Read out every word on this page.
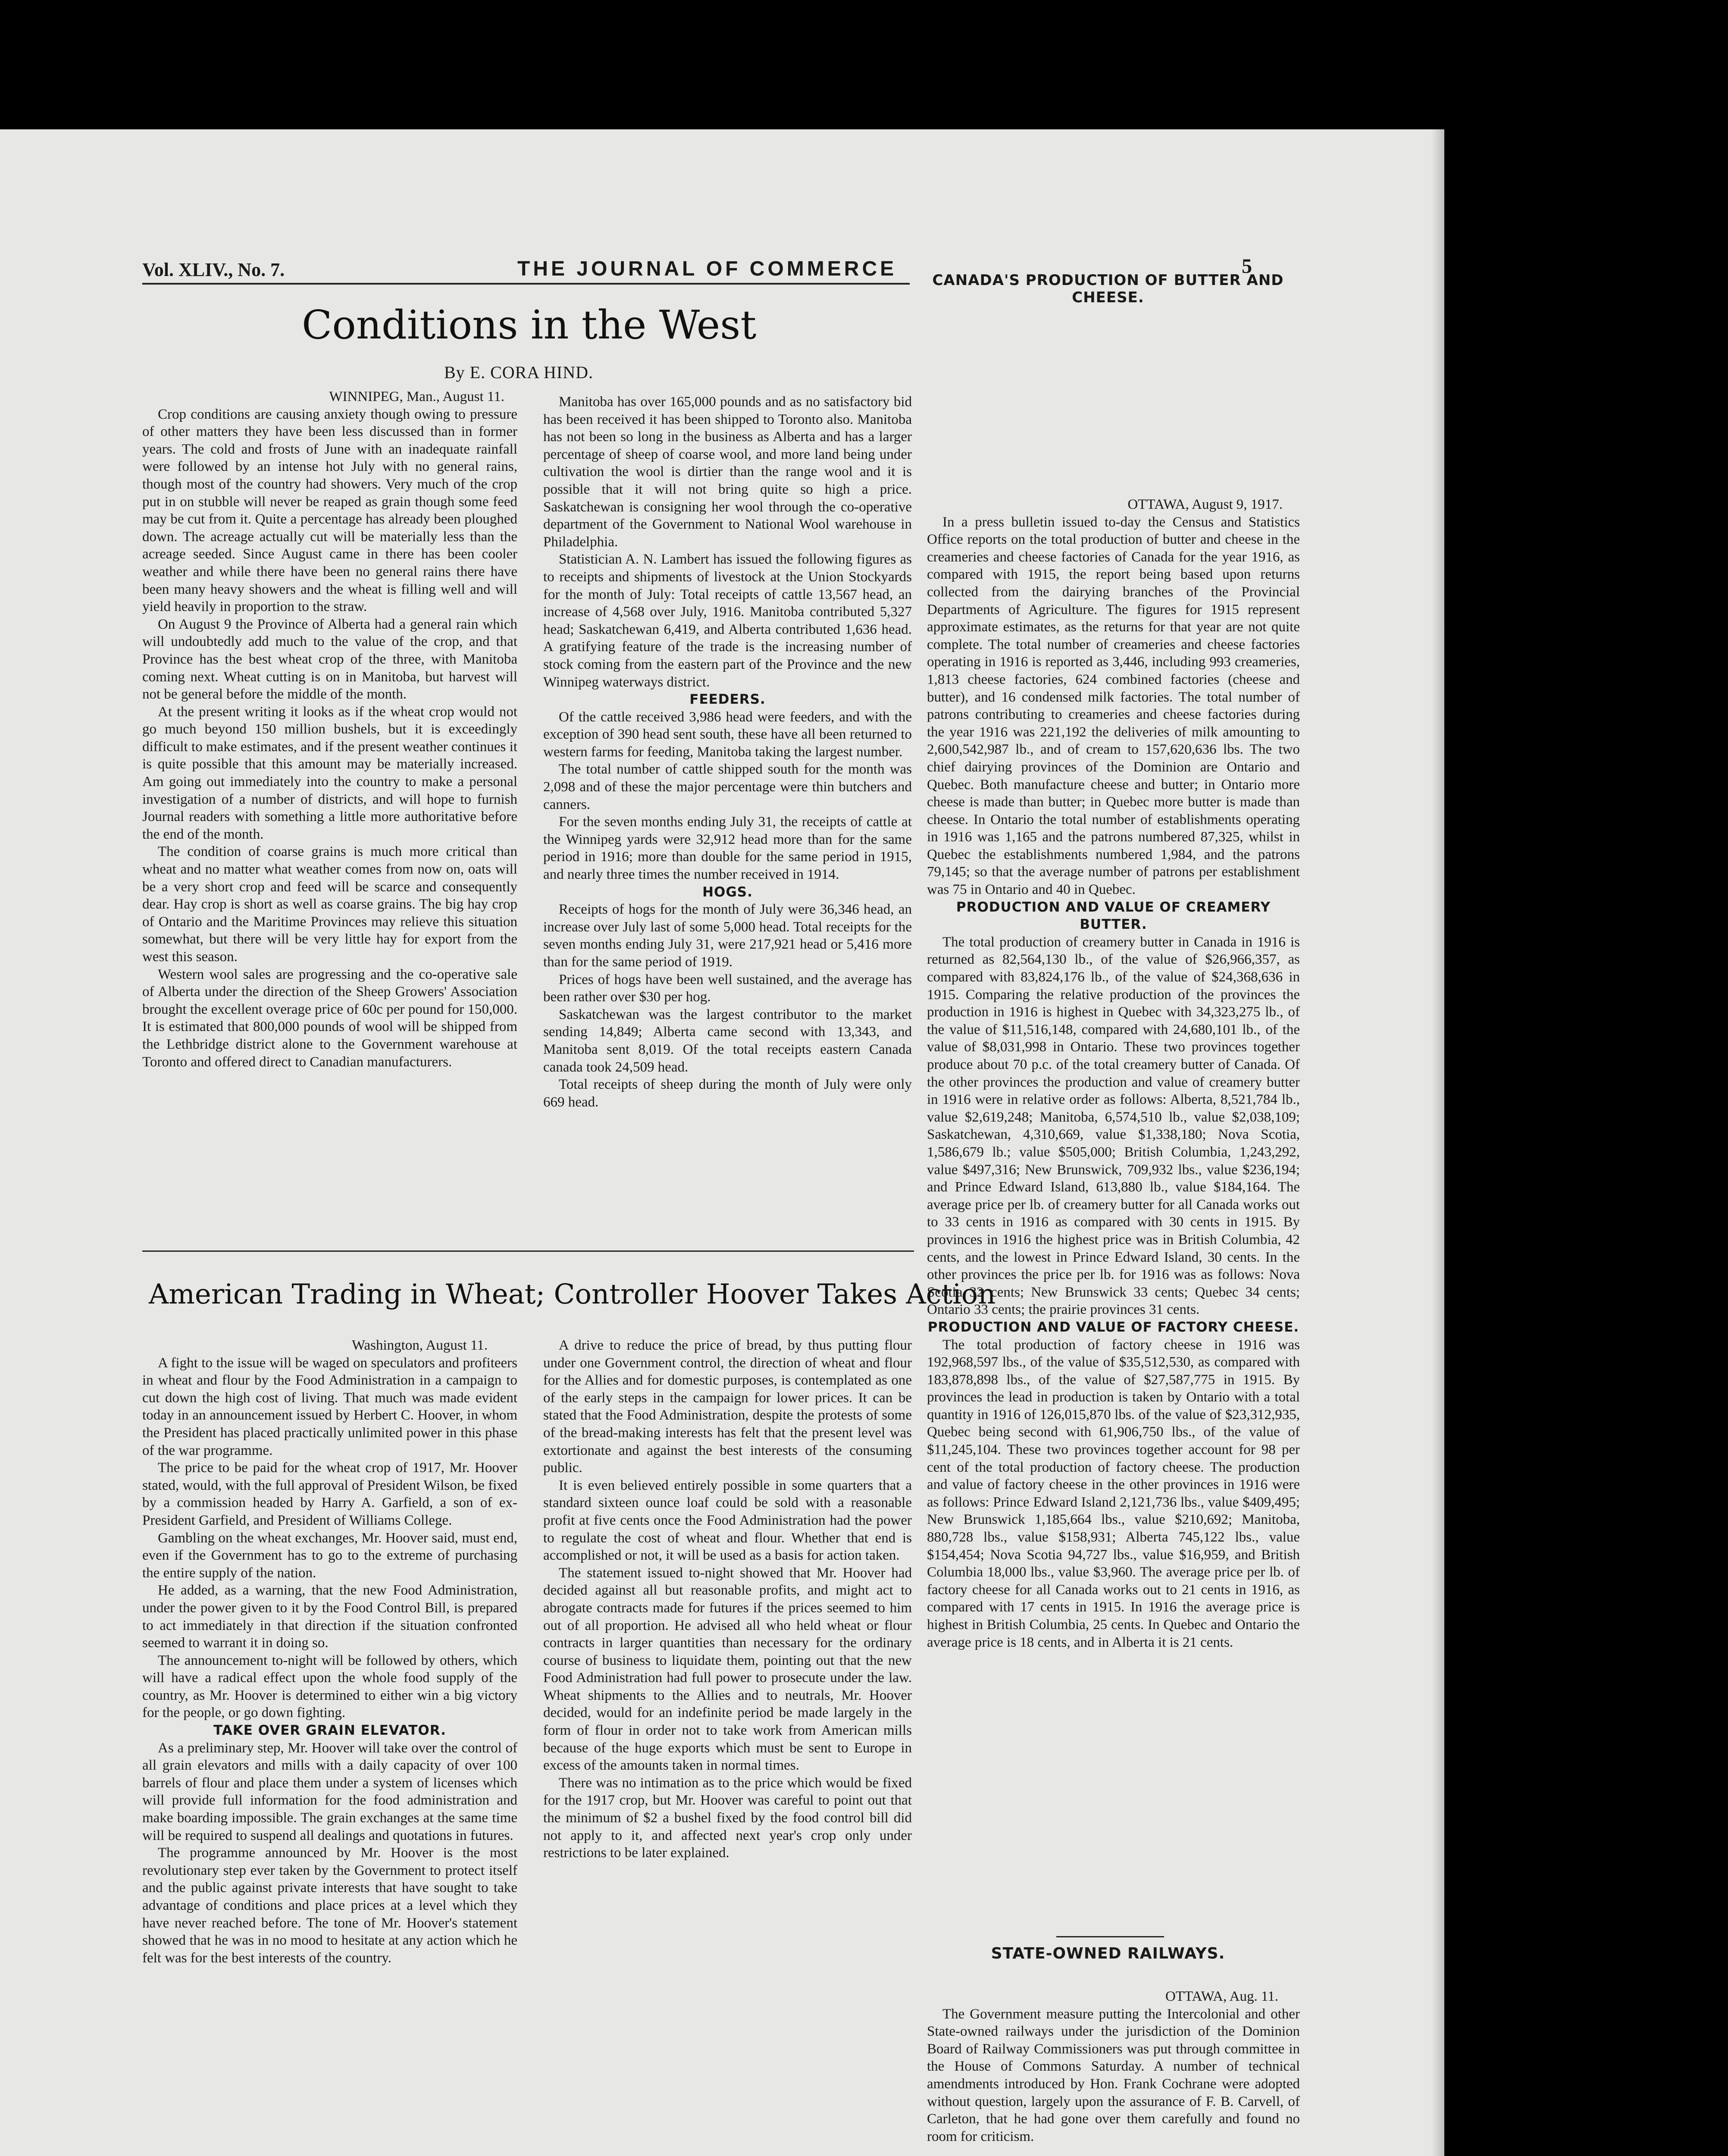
Vol. XLIV., No. 7.	THE JOURNAL OF COMMERCE	5
Conditions in the West
By E. CORA HIND.

WINNIPEG, Man., August 11.

Crop conditions are causing anxiety though owing to pressure of other matters they have been less discussed than in former years. The cold and frosts of June with an inadequate rainfall were followed by an intense hot July with no general rains, though most of the country had showers. Very much of the crop put in on stubble will never be reaped as grain though some feed may be cut from it. Quite a percentage has already been ploughed down. The acreage actually cut will be materially less than the acreage seeded. Since August came in there has been cooler weather and while there have been no general rains there have been many heavy showers and the wheat is filling well and will yield heavily in proportion to the straw.

On August 9 the Province of Alberta had a general rain which will undoubtedly add much to the value of the crop, and that Province has the best wheat crop of the three, with Manitoba coming next. Wheat cutting is on in Manitoba, but harvest will not be general before the middle of the month.

At the present writing it looks as if the wheat crop would not go much beyond 150 million bushels, but it is exceedingly difficult to make estimates, and if the present weather continues it is quite possible that this amount may be materially increased. Am going out immediately into the country to make a personal investigation of a number of districts, and will hope to furnish Journal readers with something a little more authoritative before the end of the month.

The condition of coarse grains is much more critical than wheat and no matter what weather comes from now on, oats will be a very short crop and feed will be scarce and consequently dear. Hay crop is short as well as coarse grains. The big hay crop of Ontario and the Maritime Provinces may relieve this situation somewhat, but there will be very little hay for export from the west this season.

Western wool sales are progressing and the co-operative sale of Alberta under the direction of the Sheep Growers' Association brought the excellent overage price of 60c per pound for 150,000. It is estimated that 800,000 pounds of wool will be shipped from the Lethbridge district alone to the Government warehouse at Toronto and offered direct to Canadian manufacturers.

Manitoba has over 165,000 pounds and as no satisfactory bid has been received it has been shipped to Toronto also. Manitoba has not been so long in the business as Alberta and has a larger percentage of sheep of coarse wool, and more land being under cultivation the wool is dirtier than the range wool and it is possible that it will not bring quite so high a price. Saskatchewan is consigning her wool through the co-operative department of the Government to National Wool warehouse in Philadelphia.

Statistician A. N. Lambert has issued the following figures as to receipts and shipments of livestock at the Union Stockyards for the month of July: Total receipts of cattle 13,567 head, an increase of 4,568 over July, 1916. Manitoba contributed 5,327 head; Saskatchewan 6,419, and Alberta contributed 1,636 head. A gratifying feature of the trade is the increasing number of stock coming from the eastern part of the Province and the new Winnipeg waterways district.

FEEDERS.

Of the cattle received 3,986 head were feeders, and with the exception of 390 head sent south, these have all been returned to western farms for feeding, Manitoba taking the largest number.

The total number of cattle shipped south for the month was 2,098 and of these the major percentage were thin butchers and canners.

For the seven months ending July 31, the receipts of cattle at the Winnipeg yards were 32,912 head more than for the same period in 1916; more than double for the same period in 1915, and nearly three times the number received in 1914.

HOGS.

Receipts of hogs for the month of July were 36,346 head, an increase over July last of some 5,000 head. Total receipts for the seven months ending July 31, were 217,921 head or 5,416 more than for the same period of 1919.

Prices of hogs have been well sustained, and the average has been rather over $30 per hog.

Saskatchewan was the largest contributor to the market sending 14,849; Alberta came second with 13,343, and Manitoba sent 8,019. Of the total receipts eastern Canada canada took 24,509 head.

Total receipts of sheep during the month of July were only 669 head.

American Trading in Wheat; Controller Hoover Takes Action

Washington, August 11.

A fight to the issue will be waged on speculators and profiteers in wheat and flour by the Food Administration in a campaign to cut down the high cost of living. That much was made evident today in an announcement issued by Herbert C. Hoover, in whom the President has placed practically unlimited power in this phase of the war programme.

The price to be paid for the wheat crop of 1917, Mr. Hoover stated, would, with the full approval of President Wilson, be fixed by a commission headed by Harry A. Garfield, a son of ex-President Garfield, and President of Williams College.

Gambling on the wheat exchanges, Mr. Hoover said, must end, even if the Government has to go to the extreme of purchasing the entire supply of the nation.

He added, as a warning, that the new Food Administration, under the power given to it by the Food Control Bill, is prepared to act immediately in that direction if the situation confronted seemed to warrant it in doing so.

The announcement to-night will be followed by others, which will have a radical effect upon the whole food supply of the country, as Mr. Hoover is determined to either win a big victory for the people, or go down fighting.

TAKE OVER GRAIN ELEVATOR.

As a preliminary step, Mr. Hoover will take over the control of all grain elevators and mills with a daily capacity of over 100 barrels of flour and place them under a system of licenses which will provide full information for the food administration and make boarding impossible. The grain exchanges at the same time will be required to suspend all dealings and quotations in futures.

The programme announced by Mr. Hoover is the most revolutionary step ever taken by the Government to protect itself and the public against private interests that have sought to take advantage of conditions and place prices at a level which they have never reached before. The tone of Mr. Hoover's statement showed that he was in no mood to hesitate at any action which he felt was for the best interests of the country.

A drive to reduce the price of bread, by thus putting flour under one Government control, the direction of wheat and flour for the Allies and for domestic purposes, is contemplated as one of the early steps in the campaign for lower prices. It can be stated that the Food Administration, despite the protests of some of the bread-making interests has felt that the present level was extortionate and against the best interests of the consuming public.

It is even believed entirely possible in some quarters that a standard sixteen ounce loaf could be sold with a reasonable profit at five cents once the Food Administration had the power to regulate the cost of wheat and flour. Whether that end is accomplished or not, it will be used as a basis for action taken.

The statement issued to-night showed that Mr. Hoover had decided against all but reasonable profits, and might act to abrogate contracts made for futures if the prices seemed to him out of all proportion. He advised all who held wheat or flour contracts in larger quantities than necessary for the ordinary course of business to liquidate them, pointing out that the new Food Administration had full power to prosecute under the law. Wheat shipments to the Allies and to neutrals, Mr. Hoover decided, would for an indefinite period be made largely in the form of flour in order not to take work from American mills because of the huge exports which must be sent to Europe in excess of the amounts taken in normal times.

There was no intimation as to the price which would be fixed for the 1917 crop, but Mr. Hoover was careful to point out that the minimum of $2 a bushel fixed by the food control bill did not apply to it, and affected next year's crop only under restrictions to be later explained.

CANADA'S PRODUCTION OF BUTTER AND CHEESE.

OTTAWA, August 9, 1917.

In a press bulletin issued to-day the Census and Statistics Office reports on the total production of butter and cheese in the creameries and cheese factories of Canada for the year 1916, as compared with 1915, the report being based upon returns collected from the dairying branches of the Provincial Departments of Agriculture. The figures for 1915 represent approximate estimates, as the returns for that year are not quite complete. The total number of creameries and cheese factories operating in 1916 is reported as 3,446, including 993 creameries, 1,813 cheese factories, 624 combined factories (cheese and butter), and 16 condensed milk factories. The total number of patrons contributing to creameries and cheese factories during the year 1916 was 221,192 the deliveries of milk amounting to 2,600,542,987 lb., and of cream to 157,620,636 lbs. The two chief dairying provinces of the Dominion are Ontario and Quebec. Both manufacture cheese and butter; in Ontario more cheese is made than butter; in Quebec more butter is made than cheese. In Ontario the total number of establishments operating in 1916 was 1,165 and the patrons numbered 87,325, whilst in Quebec the establishments numbered 1,984, and the patrons 79,145; so that the average number of patrons per establishment was 75 in Ontario and 40 in Quebec.

PRODUCTION AND VALUE OF CREAMERY BUTTER.

The total production of creamery butter in Canada in 1916 is returned as 82,564,130 lb., of the value of $26,966,357, as compared with 83,824,176 lb., of the value of $24,368,636 in 1915. Comparing the relative production of the provinces the production in 1916 is highest in Quebec with 34,323,275 lb., of the value of $11,516,148, compared with 24,680,101 lb., of the value of $8,031,998 in Ontario. These two provinces together produce about 70 p.c. of the total creamery butter of Canada. Of the other provinces the production and value of creamery butter in 1916 were in relative order as follows: Alberta, 8,521,784 lb., value $2,619,248; Manitoba, 6,574,510 lb., value $2,038,109; Saskatchewan, 4,310,669, value $1,338,180; Nova Scotia, 1,586,679 lb.; value $505,000; British Columbia, 1,243,292, value $497,316; New Brunswick, 709,932 lbs., value $236,194; and Prince Edward Island, 613,880 lb., value $184,164. The average price per lb. of creamery butter for all Canada works out to 33 cents in 1916 as compared with 30 cents in 1915. By provinces in 1916 the highest price was in British Columbia, 42 cents, and the lowest in Prince Edward Island, 30 cents. In the other provinces the price per lb. for 1916 was as follows: Nova Scotia 32 cents; New Brunswick 33 cents; Quebec 34 cents; Ontario 33 cents; the prairie provinces 31 cents.

PRODUCTION AND VALUE OF FACTORY CHEESE.

The total production of factory cheese in 1916 was 192,968,597 lbs., of the value of $35,512,530, as compared with 183,878,898 lbs., of the value of $27,587,775 in 1915. By provinces the lead in production is taken by Ontario with a total quantity in 1916 of 126,015,870 lbs. of the value of $23,312,935, Quebec being second with 61,906,750 lbs., of the value of $11,245,104. These two provinces together account for 98 per cent of the total production of factory cheese. The production and value of factory cheese in the other provinces in 1916 were as follows: Prince Edward Island 2,121,736 lbs., value $409,495; New Brunswick 1,185,664 lbs., value $210,692; Manitoba, 880,728 lbs., value $158,931; Alberta 745,122 lbs., value $154,454; Nova Scotia 94,727 lbs., value $16,959, and British Columbia 18,000 lbs., value $3,960. The average price per lb. of factory cheese for all Canada works out to 21 cents in 1916, as compared with 17 cents in 1915. In 1916 the average price is highest in British Columbia, 25 cents. In Quebec and Ontario the average price is 18 cents, and in Alberta it is 21 cents.

STATE-OWNED RAILWAYS.

OTTAWA, Aug. 11.

The Government measure putting the Intercolonial and other State-owned railways under the jurisdiction of the Dominion Board of Railway Commissioners was put through committee in the House of Commons Saturday. A number of technical amendments introduced by Hon. Frank Cochrane were adopted without question, largely upon the assurance of F. B. Carvell, of Carleton, that he had gone over them carefully and found no room for criticism.
